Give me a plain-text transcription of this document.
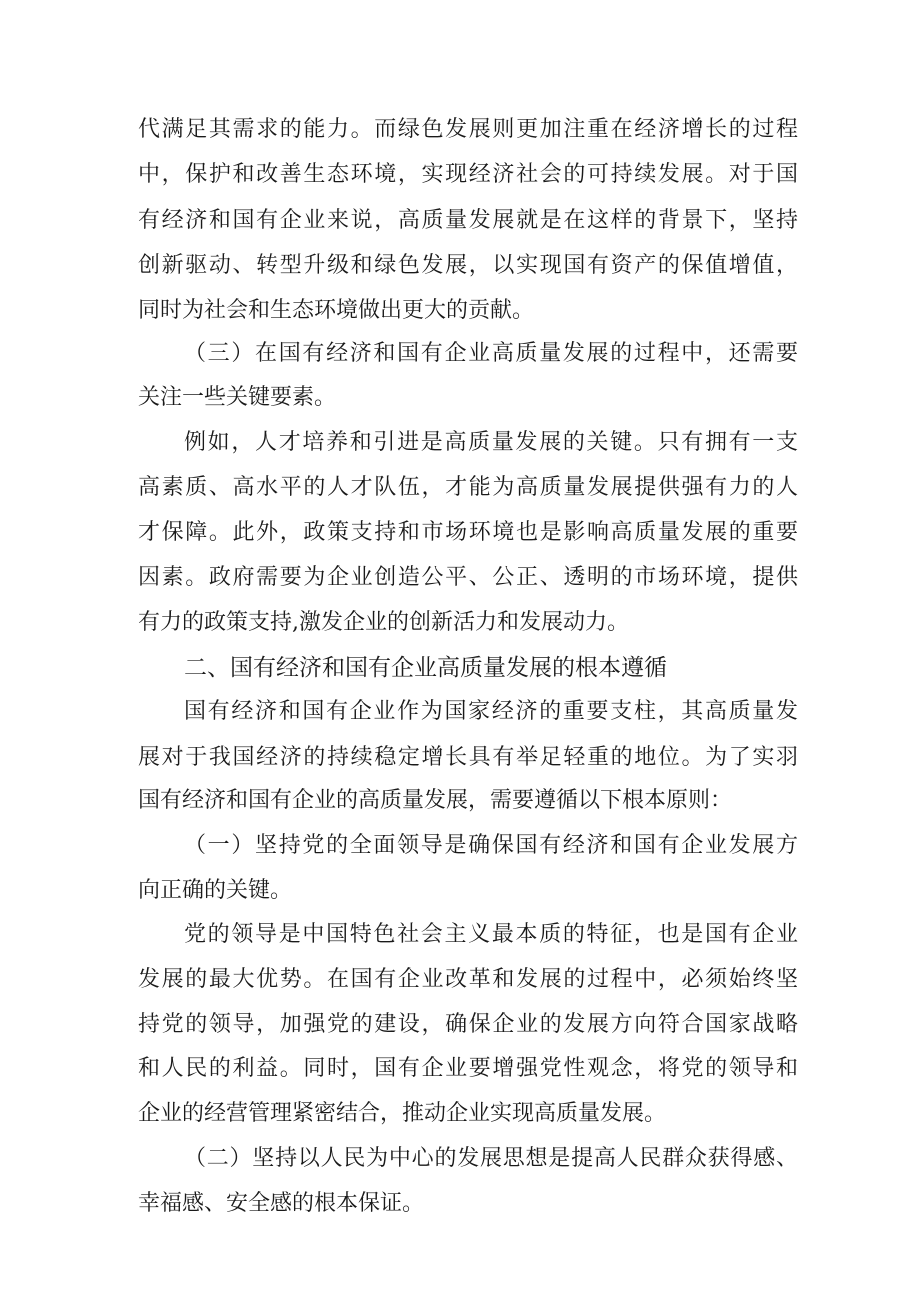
代满足其需求的能力。而绿色发展则更加注重在经济增长的过程
中，保护和改善生态环境，实现经济社会的可持续发展。对于国
有经济和国有企业来说，高质量发展就是在这样的背景下，坚持
创新驱动、转型升级和绿色发展，以实现国有资产的保值增值，
同时为社会和生态环境做出更大的贡献。
（三）在国有经济和国有企业高质量发展的过程中，还需要
关注一些关键要素。
例如，人才培养和引进是高质量发展的关键。只有拥有一支
高素质、高水平的人才队伍，才能为高质量发展提供强有力的人
才保障。此外，政策支持和市场环境也是影响高质量发展的重要
因素。政府需要为企业创造公平、公正、透明的市场环境，提供
有力的政策支持,激发企业的创新活力和发展动力。
二、国有经济和国有企业高质量发展的根本遵循
国有经济和国有企业作为国家经济的重要支柱，其高质量发
展对于我国经济的持续稳定增长具有举足轻重的地位。为了实羽
国有经济和国有企业的高质量发展，需要遵循以下根本原则：
（一）坚持党的全面领导是确保国有经济和国有企业发展方
向正确的关键。
党的领导是中国特色社会主义最本质的特征，也是国有企业
发展的最大优势。在国有企业改革和发展的过程中，必须始终坚
持党的领导，加强党的建设，确保企业的发展方向符合国家战略
和人民的利益。同时，国有企业要增强党性观念，将党的领导和
企业的经营管理紧密结合，推动企业实现高质量发展。
（二）坚持以人民为中心的发展思想是提高人民群众获得感、
幸福感、安全感的根本保证。
